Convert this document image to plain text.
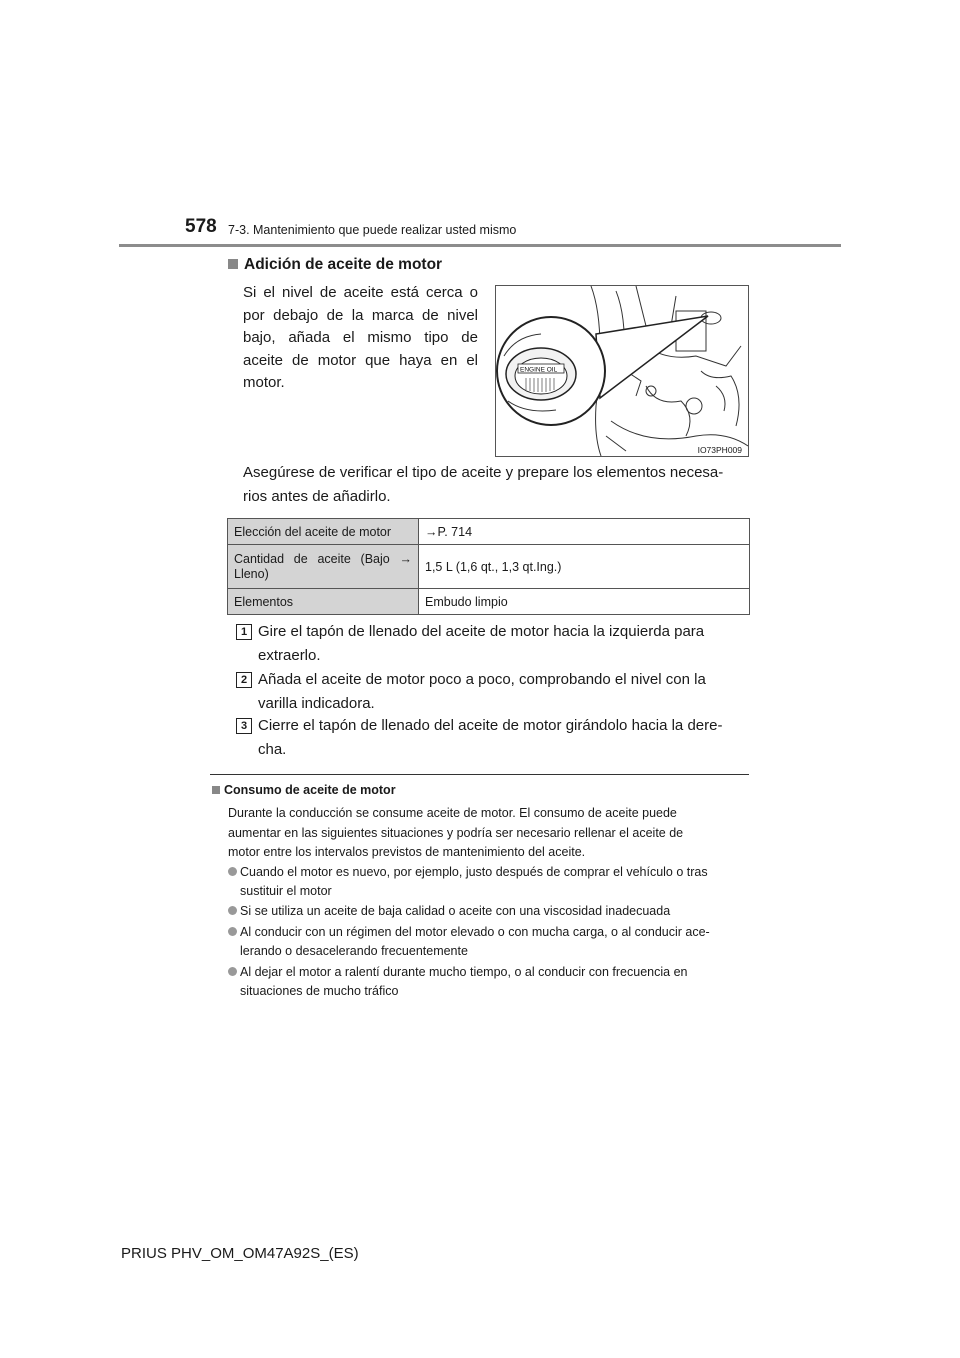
578 7-3. Mantenimiento que puede realizar usted mismo
Adición de aceite de motor
Si el nivel de aceite está cerca o por debajo de la marca de nivel bajo, añada el mismo tipo de aceite de motor que haya en el motor.
ENGINE OIL
IO73PH009
Asegúrese de verificar el tipo de aceite y prepare los elementos necesa-
rios antes de añadirlo.
Elección del aceite de motor	→P. 714

Cantidad de aceite (Bajo →
Lleno)	1,5 L (1,6 qt., 1,3 qt.Ing.)
Elementos	Embudo limpio
1 Gire el tapón de llenado del aceite de motor hacia la izquierda para
extraerlo.
2 Añada el aceite de motor poco a poco, comprobando el nivel con la
varilla indicadora.
3 Cierre el tapón de llenado del aceite de motor girándolo hacia la dere-
cha.
Consumo de aceite de motor
Durante la conducción se consume aceite de motor. El consumo de aceite puede
aumentar en las siguientes situaciones y podría ser necesario rellenar el aceite de
motor entre los intervalos previstos de mantenimiento del aceite.
Cuando el motor es nuevo, por ejemplo, justo después de comprar el vehículo o tras
sustituir el motor
Si se utiliza un aceite de baja calidad o aceite con una viscosidad inadecuada
Al conducir con un régimen del motor elevado o con mucha carga, o al conducir ace-
lerando o desacelerando frecuentemente
Al dejar el motor a ralentí durante mucho tiempo, o al conducir con frecuencia en
situaciones de mucho tráfico
PRIUS PHV_OM_OM47A92S_(ES)
